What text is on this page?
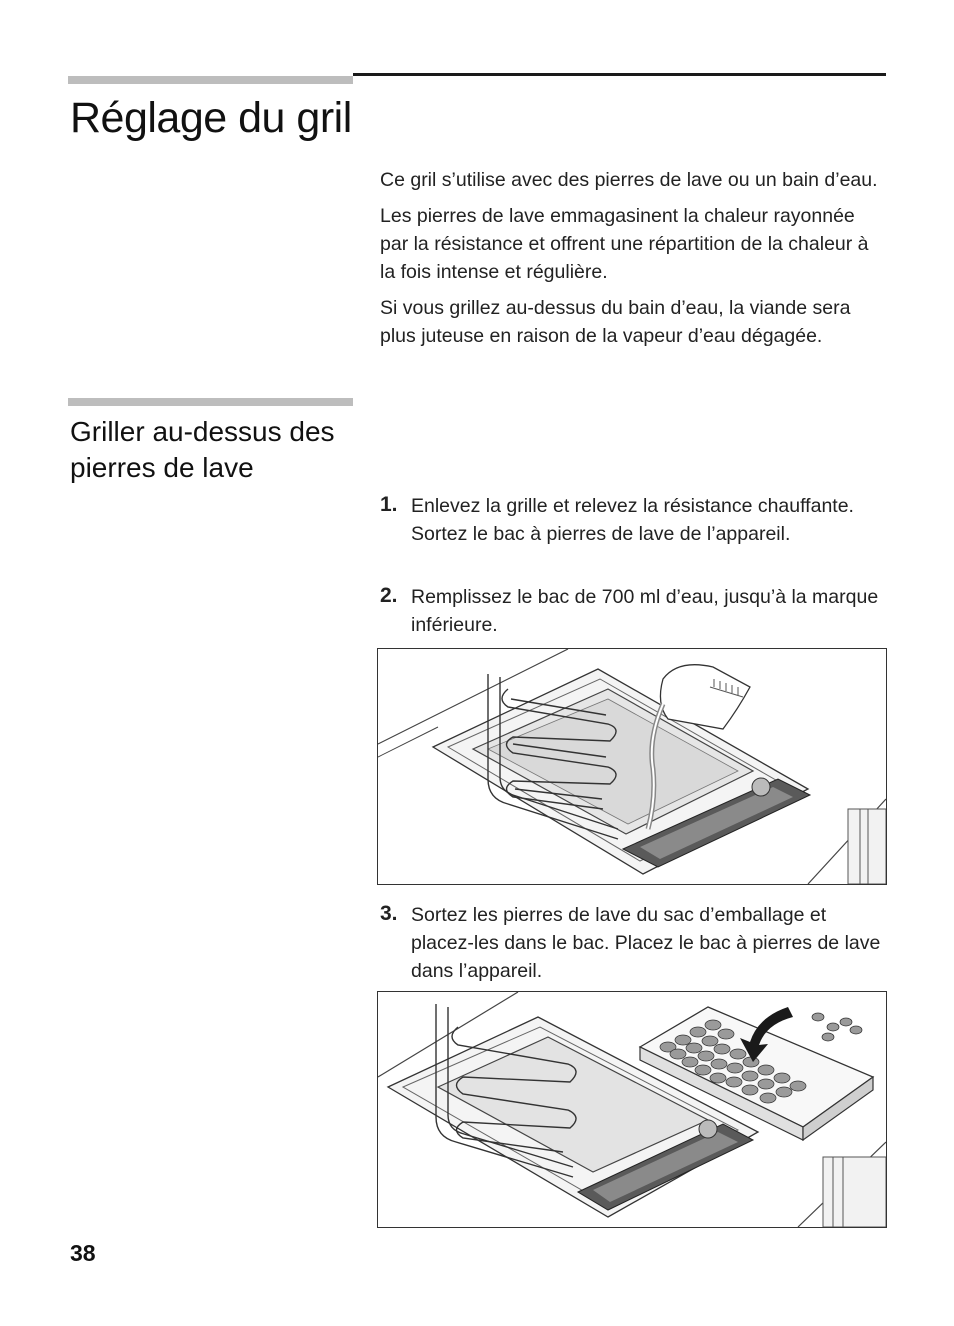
Réglage du gril

Ce gril s’utilise avec des pierres de lave ou un bain d’eau.

Les pierres de lave emmagasinent la chaleur rayonnée par la résistance et offrent une répartition de la chaleur à la fois intense et régulière.

Si vous grillez au-dessus du bain d’eau, la viande sera plus juteuse en raison de la vapeur d’eau dégagée.

Griller au-dessus des pierres de lave
1. Enlevez la grille et relevez la résistance chauffante. Sortez le bac à pierres de lave de l’appareil.
2. Remplissez le bac de 700 ml d’eau, jusqu’à la marque inférieure.
3. Sortez les pierres de lave du sac d’emballage et placez-les dans le bac. Placez le bac à pierres de lave dans l’appareil.
38
